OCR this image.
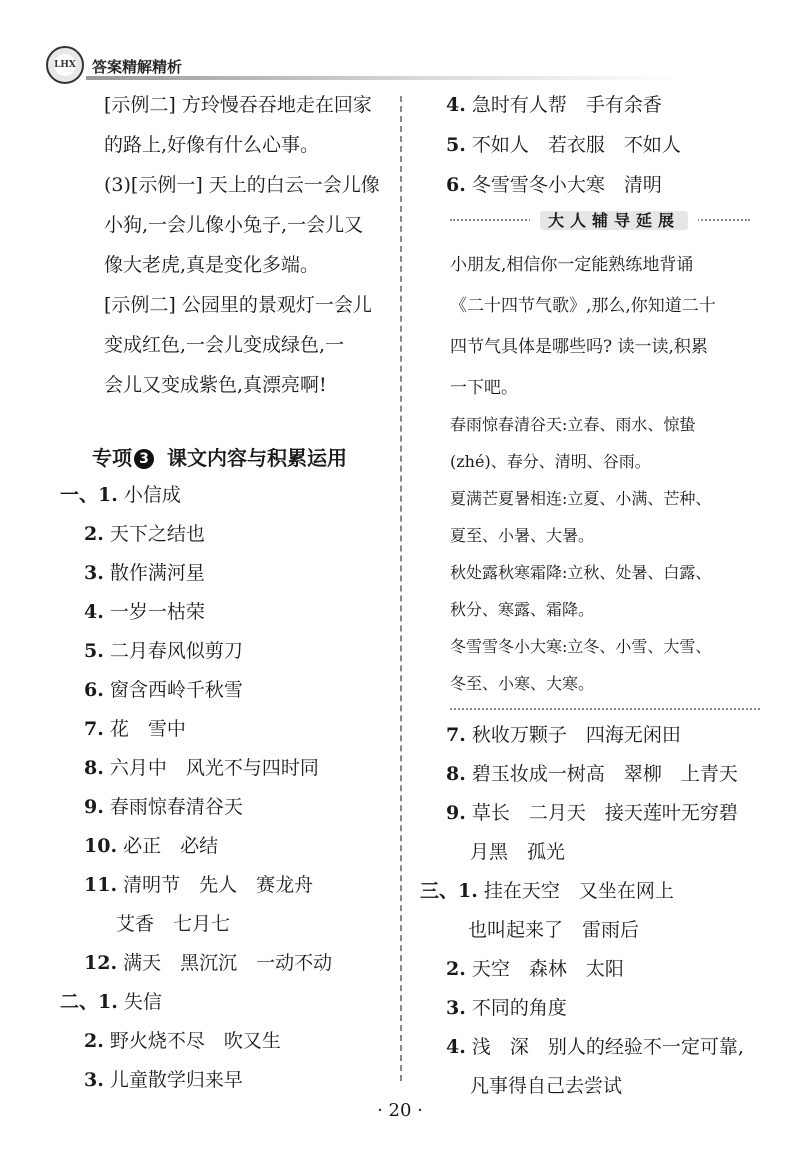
LHX	答案精解精析
[示例二] 方玲慢吞吞地走在回家
的路上,好像有什么心事。
(3)[示例一] 天上的白云一会儿像
小狗,一会儿像小兔子,一会儿又
像大老虎,真是变化多端。
[示例二] 公园里的景观灯一会儿
变成红色,一会儿变成绿色,一
会儿又变成紫色,真漂亮啊!
专项 3 课文内容与积累运用
一、1. 小信成
2. 天下之结也
3. 散作满河星
4. 一岁一枯荣
5. 二月春风似剪刀
6. 窗含西岭千秋雪
7. 花　雪中
8. 六月中　风光不与四时同
9. 春雨惊春清谷天
10. 必正　必结
11. 清明节　先人　赛龙舟
艾香　七月七
12. 满天　黑沉沉　一动不动
二、1. 失信
2. 野火烧不尽　吹又生
3. 儿童散学归来早
4. 急时有人帮　手有余香
5. 不如人　若衣服　不如人
6. 冬雪雪冬小大寒　清明
大人辅导延展
小朋友,相信你一定能熟练地背诵
《二十四节气歌》,那么,你知道二十
四节气具体是哪些吗? 读一读,积累
一下吧。
春雨惊春清谷天:立春、雨水、惊蛰
(zhé)、春分、清明、谷雨。
夏满芒夏暑相连:立夏、小满、芒种、
夏至、小暑、大暑。
秋处露秋寒霜降:立秋、处暑、白露、
秋分、寒露、霜降。
冬雪雪冬小大寒:立冬、小雪、大雪、
冬至、小寒、大寒。
7. 秋收万颗子　四海无闲田
8. 碧玉妆成一树高　翠柳　上青天
9. 草长　二月天　接天莲叶无穷碧
月黑　孤光
三、1. 挂在天空　又坐在网上
也叫起来了　雷雨后
2. 天空　森林　太阳
3. 不同的角度
4. 浅　深　别人的经验不一定可靠,
凡事得自己去尝试
· 20 ·
